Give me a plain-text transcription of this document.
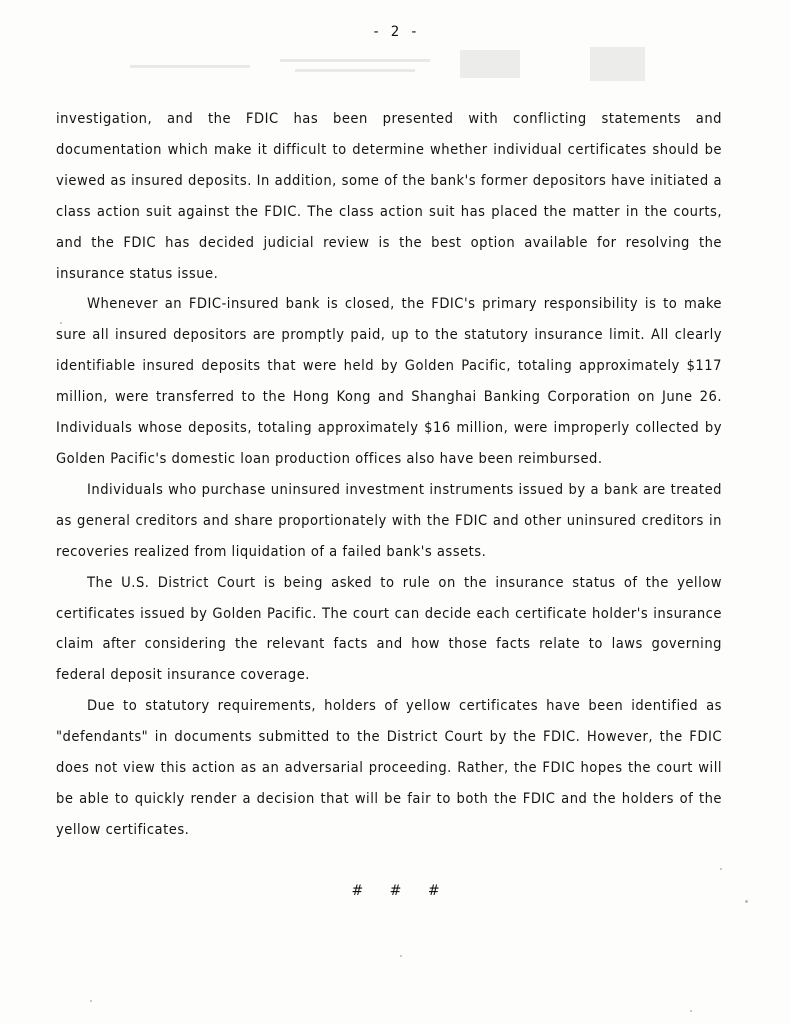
- 2 -

investigation, and the FDIC has been presented with conflicting statements and documentation which make it difficult to determine whether individual certificates should be viewed as insured deposits. In addition, some of the bank's former depositors have initiated a class action suit against the FDIC. The class action suit has placed the matter in the courts, and the FDIC has decided judicial review is the best option available for resolving the insurance status issue.

Whenever an FDIC-insured bank is closed, the FDIC's primary responsibility is to make sure all insured depositors are promptly paid, up to the statutory insurance limit. All clearly identifiable insured deposits that were held by Golden Pacific, totaling approximately $117 million, were transferred to the Hong Kong and Shanghai Banking Corporation on June 26. Individuals whose deposits, totaling approximately $16 million, were improperly collected by Golden Pacific's domestic loan production offices also have been reimbursed.

Individuals who purchase uninsured investment instruments issued by a bank are treated as general creditors and share proportionately with the FDIC and other uninsured creditors in recoveries realized from liquidation of a failed bank's assets.

The U.S. District Court is being asked to rule on the insurance status of the yellow certificates issued by Golden Pacific. The court can decide each certificate holder's insurance claim after considering the relevant facts and how those facts relate to laws governing federal deposit insurance coverage.

Due to statutory requirements, holders of yellow certificates have been identified as "defendants" in documents submitted to the District Court by the FDIC. However, the FDIC does not view this action as an adversarial proceeding. Rather, the FDIC hopes the court will be able to quickly render a decision that will be fair to both the FDIC and the holders of the yellow certificates.

# # #
